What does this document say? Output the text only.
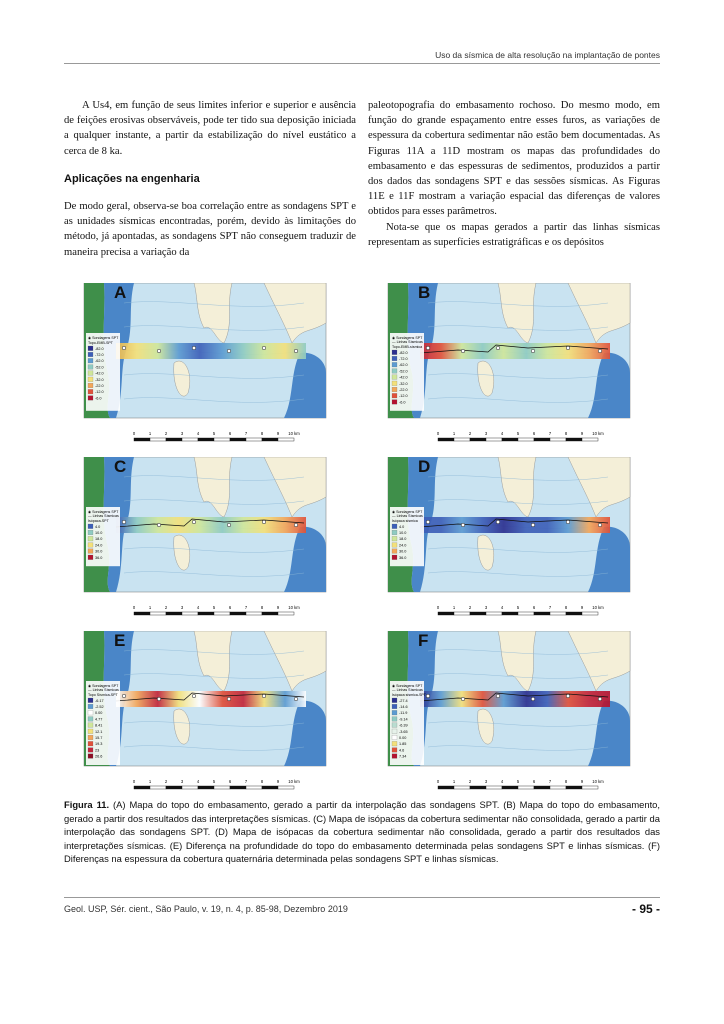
Uso da sísmica de alta resolução na implantação de pontes

A Us4, em função de seus limites inferior e superior e ausência de feições erosivas observáveis, pode ter tido sua deposição iniciada a qualquer instante, a partir da estabilização do nível eustático a cerca de 8 ka.

Aplicações na engenharia

De modo geral, observa-se boa correlação entre as sondagens SPT e as unidades sísmicas encontradas, porém, devido às limitações do método, já apontadas, as sondagens SPT não conseguem traduzir de maneira precisa a variação da

paleotopografia do embasamento rochoso. Do mesmo modo, em função do grande espaçamento entre esses furos, as variações de espessura da cobertura sedimentar não estão bem documentadas. As Figuras 11A a 11D mostram os mapas das profundidades do embasamento e das espessuras de sedimentos, produzidos a partir dos dados das sondagens SPT e das sessões sísmicas. As Figuras 11E e 11F mostram a variação espacial das diferenças de valores obtidos para esses parâmetros.

Nota-se que os mapas gerados a partir das linhas sísmicas representam as superfícies estratigráficas e os depósitos

◉ Sondagens SPT
Topo-EMB-SPT
-82.0
-72.0
-62.0
-52.0
-42.0
-32.0
-22.0
-12.0
-6.0
0	1	2	3	4	5	6	7	8	9 10 km
A
◉ Sondagens SPT
— Linhas Sísmicas
Topo-EMB-sísmica
-82.0
-72.0
-62.0
-52.0
-42.0
-32.0
-22.0
-12.0
-6.0
0	1	2	3	4	5	6	7	8	9 10 km
B
◉ Sondagens SPT
— Linhas Sísmicas
Isópaca-SPT
4.0
10.0
18.0
24.0
30.0
36.0
0	1	2	3	4	5	6	7	8	9 10 km
C
◉ Sondagens SPT
— Linhas Sísmicas
Isópaca sísmica
4.0
10.0
18.0
24.0
30.0
36.0
0	1	2	3	4	5	6	7	8	9 10 km
D
◉ Sondagens SPT
— Linhas Sísmicas
Topo Sísmica-SPT
-6.17
-2.52
0.00
4.77
8.41
12.1
15.7
19.3
23
26.6
0	1	2	3	4	5	6	7	8	9 10 km
E
◉ Sondagens SPT
— Linhas Sísmicas
Isópaca sísmica-SPT
-27.4
-14.6
-11.9
-9.14
-6.39
-3.65
0.00
1.85
4.6
7.34
0	1	2	3	4	5	6	7	8	9 10 km
F
Figura 11. (A) Mapa do topo do embasamento, gerado a partir da interpolação das sondagens SPT. (B) Mapa do topo do embasamento, gerado a partir dos resultados das interpretações sísmicas. (C) Mapa de isópacas da cobertura sedimentar não consolidada, gerado a partir da interpolação das sondagens SPT. (D) Mapa de isópacas da cobertura sedimentar não consolidada, gerado a partir dos resultados das interpretações sísmicas. (E) Diferença na profundidade do topo do embasamento determinada pelas sondagens SPT e linhas sísmicas. (F) Diferenças na espessura da cobertura quaternária determinada pelas sondagens SPT e linhas sísmicas.
Geol. USP, Sér. cient., São Paulo, v. 19, n. 4, p. 85-98, Dezembro 2019	- 95 -
